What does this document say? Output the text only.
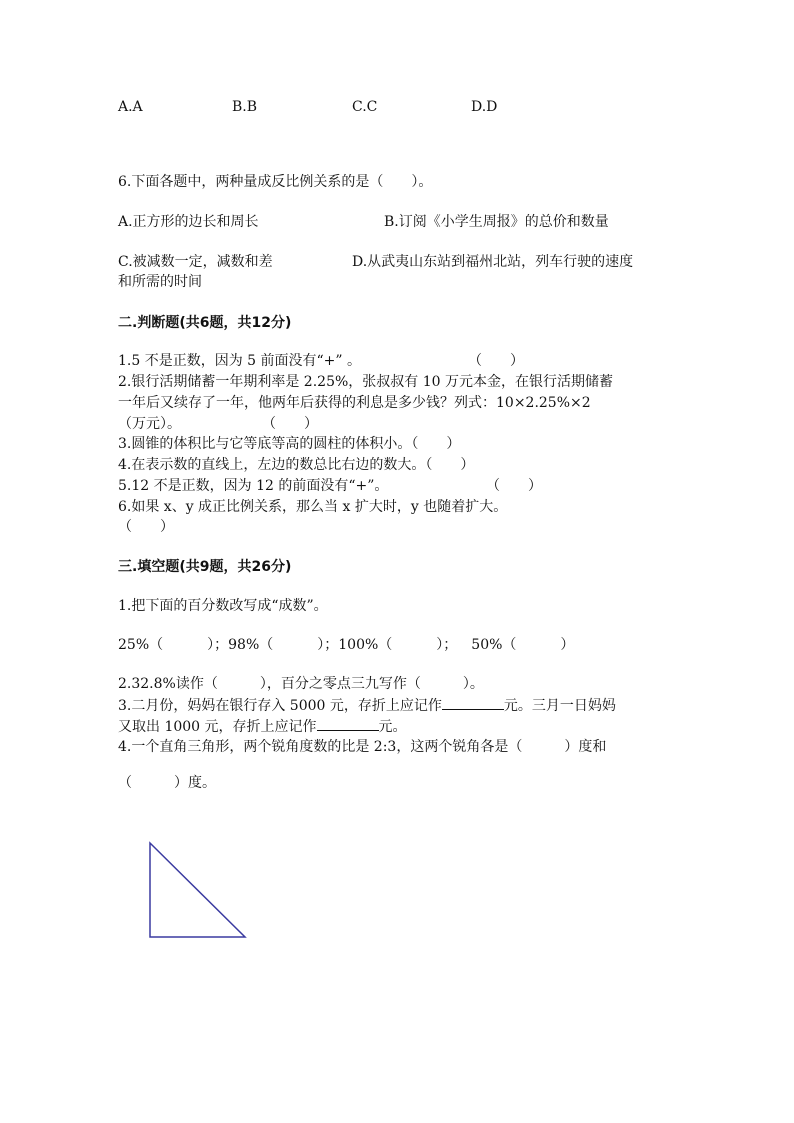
A.A	B.B	C.C	D.D
6.下面各题中，两种量成反比例关系的是（　　）。
A.正方形的边长和周长	B.订阅《小学生周报》的总价和数量
C.被减数一定，减数和差	D.从武夷山东站到福州北站，列车行驶的速度
和所需的时间
二.判断题(共6题，共12分)
1.5 不是正数，因为 5 前面没有“+” 。	（　　）
2.银行活期储蓄一年期利率是 2.25%，张叔叔有 10 万元本金，在银行活期储蓄
一年后又续存了一年，他两年后获得的利息是多少钱？列式：10×2.25%×2
（万元）。	（　　）
3.圆锥的体积比与它等底等高的圆柱的体积小。（　　）
4.在表示数的直线上，左边的数总比右边的数大。（　　）
5.12 不是正数，因为 12 的前面没有“+”。	（　　）
6.如果 x、y 成正比例关系，那么当 x 扩大时，y 也随着扩大。
（　　）
三.填空题(共9题，共26分)
1.把下面的百分数改写成“成数”。
25%（	）；98%（	）；100%（	）； 50%（	）
2.32.8%读作（　　　），百分之零点三九写作（　　　）。
3.二月份，妈妈在银行存入 5000 元，存折上应记作	元。三月一日妈妈
又取出 1000 元，存折上应记作	元。
4.一个直角三角形，两个锐角度数的比是 2:3，这两个锐角各是（　　　）度和
（　　　）度。
